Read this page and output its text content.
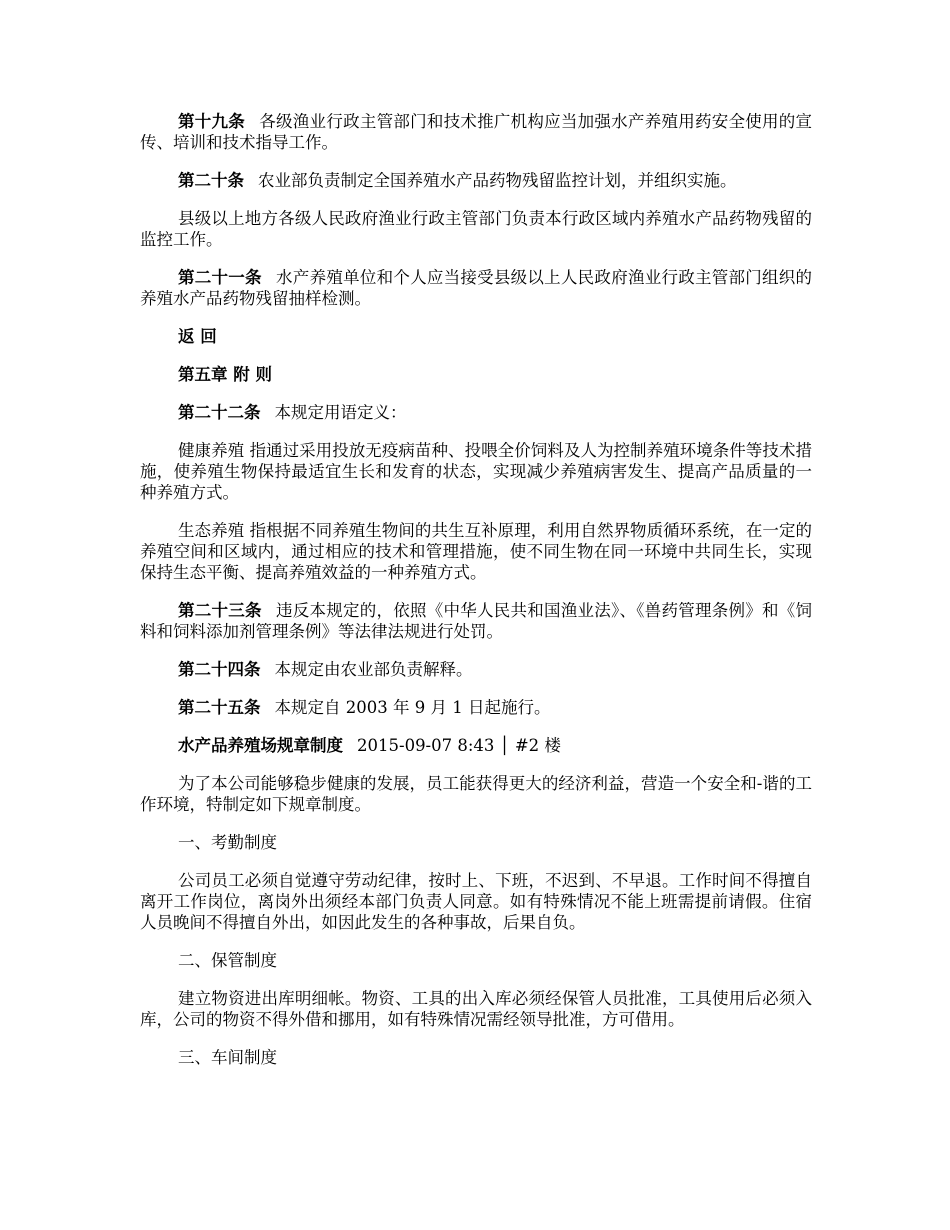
第十九条 各级渔业行政主管部门和技术推广机构应当加强水产养殖用药安全使用的宣传、培训和技术指导工作。

第二十条 农业部负责制定全国养殖水产品药物残留监控计划，并组织实施。

县级以上地方各级人民政府渔业行政主管部门负责本行政区域内养殖水产品药物残留的监控工作。

第二十一条 水产养殖单位和个人应当接受县级以上人民政府渔业行政主管部门组织的养殖水产品药物残留抽样检测。

返 回

第五章 附 则

第二十二条 本规定用语定义：

健康养殖 指通过采用投放无疫病苗种、投喂全价饲料及人为控制养殖环境条件等技术措施，使养殖生物保持最适宜生长和发育的状态，实现减少养殖病害发生、提高产品质量的一种养殖方式。

生态养殖 指根据不同养殖生物间的共生互补原理，利用自然界物质循环系统，在一定的养殖空间和区域内，通过相应的技术和管理措施，使不同生物在同一环境中共同生长，实现保持生态平衡、提高养殖效益的一种养殖方式。

第二十三条 违反本规定的，依照《中华人民共和国渔业法》、《兽药管理条例》和《饲料和饲料添加剂管理条例》等法律法规进行处罚。

第二十四条 本规定由农业部负责解释。

第二十五条 本规定自 2003 年 9 月 1 日起施行。

水产品养殖场规章制度 2015-09-07 8:43 │ #2 楼

为了本公司能够稳步健康的发展，员工能获得更大的经济利益，营造一个安全和-谐的工作环境，特制定如下规章制度。

一、考勤制度

公司员工必须自觉遵守劳动纪律，按时上、下班，不迟到、不早退。工作时间不得擅自离开工作岗位，离岗外出须经本部门负责人同意。如有特殊情况不能上班需提前请假。住宿人员晚间不得擅自外出，如因此发生的各种事故，后果自负。

二、保管制度

建立物资进出库明细帐。物资、工具的出入库必须经保管人员批准，工具使用后必须入库，公司的物资不得外借和挪用，如有特殊情况需经领导批准，方可借用。

三、车间制度
